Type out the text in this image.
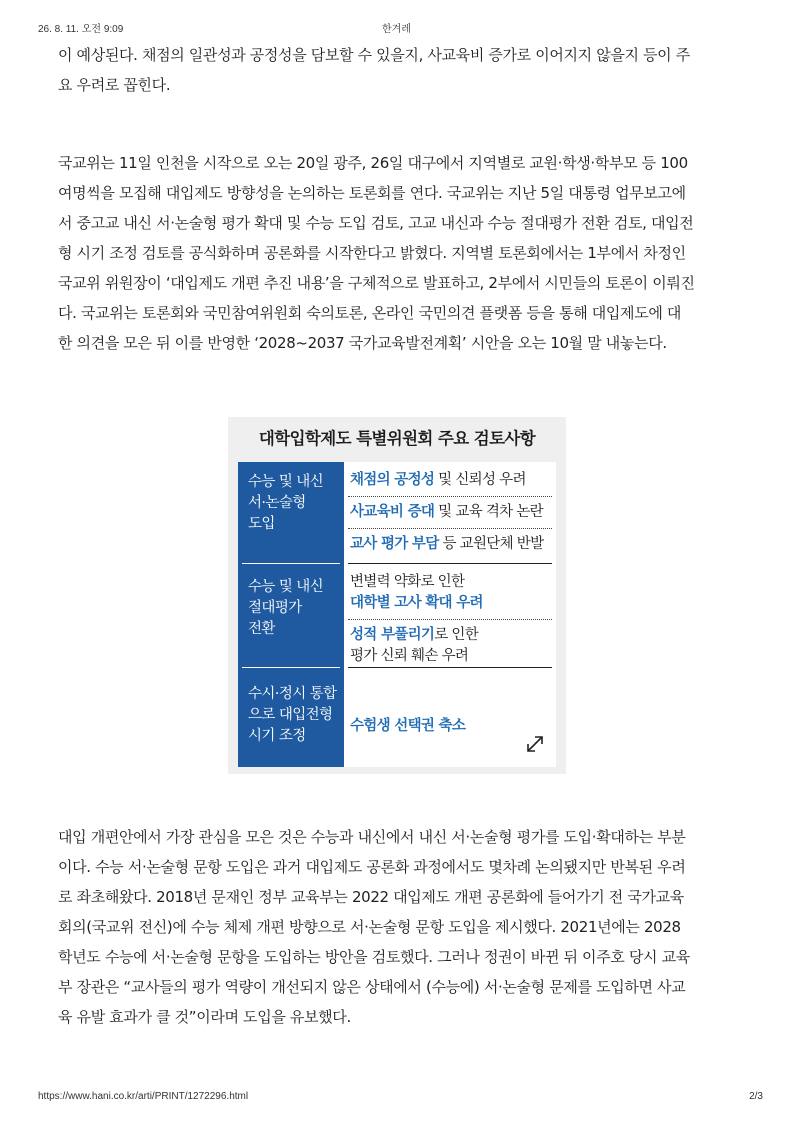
26. 8. 11. 오전 9:09	한겨레

이 예상된다. 채점의 일관성과 공정성을 담보할 수 있을지, 사교육비 증가로 이어지지 않을지 등이 주
요 우려로 꼽힌다.

국교위는 11일 인천을 시작으로 오는 20일 광주, 26일 대구에서 지역별로 교원·학생·학부모 등 100
여명씩을 모집해 대입제도 방향성을 논의하는 토론회를 연다. 국교위는 지난 5일 대통령 업무보고에
서 중고교 내신 서·논술형 평가 확대 및 수능 도입 검토, 고교 내신과 수능 절대평가 전환 검토, 대입전
형 시기 조정 검토를 공식화하며 공론화를 시작한다고 밝혔다. 지역별 토론회에서는 1부에서 차정인
국교위 위원장이 ‘대입제도 개편 추진 내용’을 구체적으로 발표하고, 2부에서 시민들의 토론이 이뤄진
다. 국교위는 토론회와 국민참여위원회 숙의토론, 온라인 국민의견 플랫폼 등을 통해 대입제도에 대
한 의견을 모은 뒤 이를 반영한 ‘2028~2037 국가교육발전계획’ 시안을 오는 10월 말 내놓는다.

대학입학제도 특별위원회 주요 검토사항
수능 및 내신
서·논술형
도입
수능 및 내신
절대평가
전환
수시·정시 통합
으로 대입전형
시기 조정
채점의 공정성 및 신뢰성 우려
사교육비 증대 및 교육 격차 논란
교사 평가 부담 등 교원단체 반발
변별력 약화로 인한
대학별 고사 확대 우려
성적 부풀리기로 인한
평가 신뢰 훼손 우려
수험생 선택권 축소

대입 개편안에서 가장 관심을 모은 것은 수능과 내신에서 내신 서·논술형 평가를 도입·확대하는 부분
이다. 수능 서·논술형 문항 도입은 과거 대입제도 공론화 과정에서도 몇차례 논의됐지만 반복된 우려
로 좌초해왔다. 2018년 문재인 정부 교육부는 2022 대입제도 개편 공론화에 들어가기 전 국가교육
회의(국교위 전신)에 수능 체제 개편 방향으로 서·논술형 문항 도입을 제시했다. 2021년에는 2028
학년도 수능에 서·논술형 문항을 도입하는 방안을 검토했다. 그러나 정권이 바뀐 뒤 이주호 당시 교육
부 장관은 “교사들의 평가 역량이 개선되지 않은 상태에서 (수능에) 서·논술형 문제를 도입하면 사교
육 유발 효과가 클 것”이라며 도입을 유보했다.

https://www.hani.co.kr/arti/PRINT/1272296.html	2/3
